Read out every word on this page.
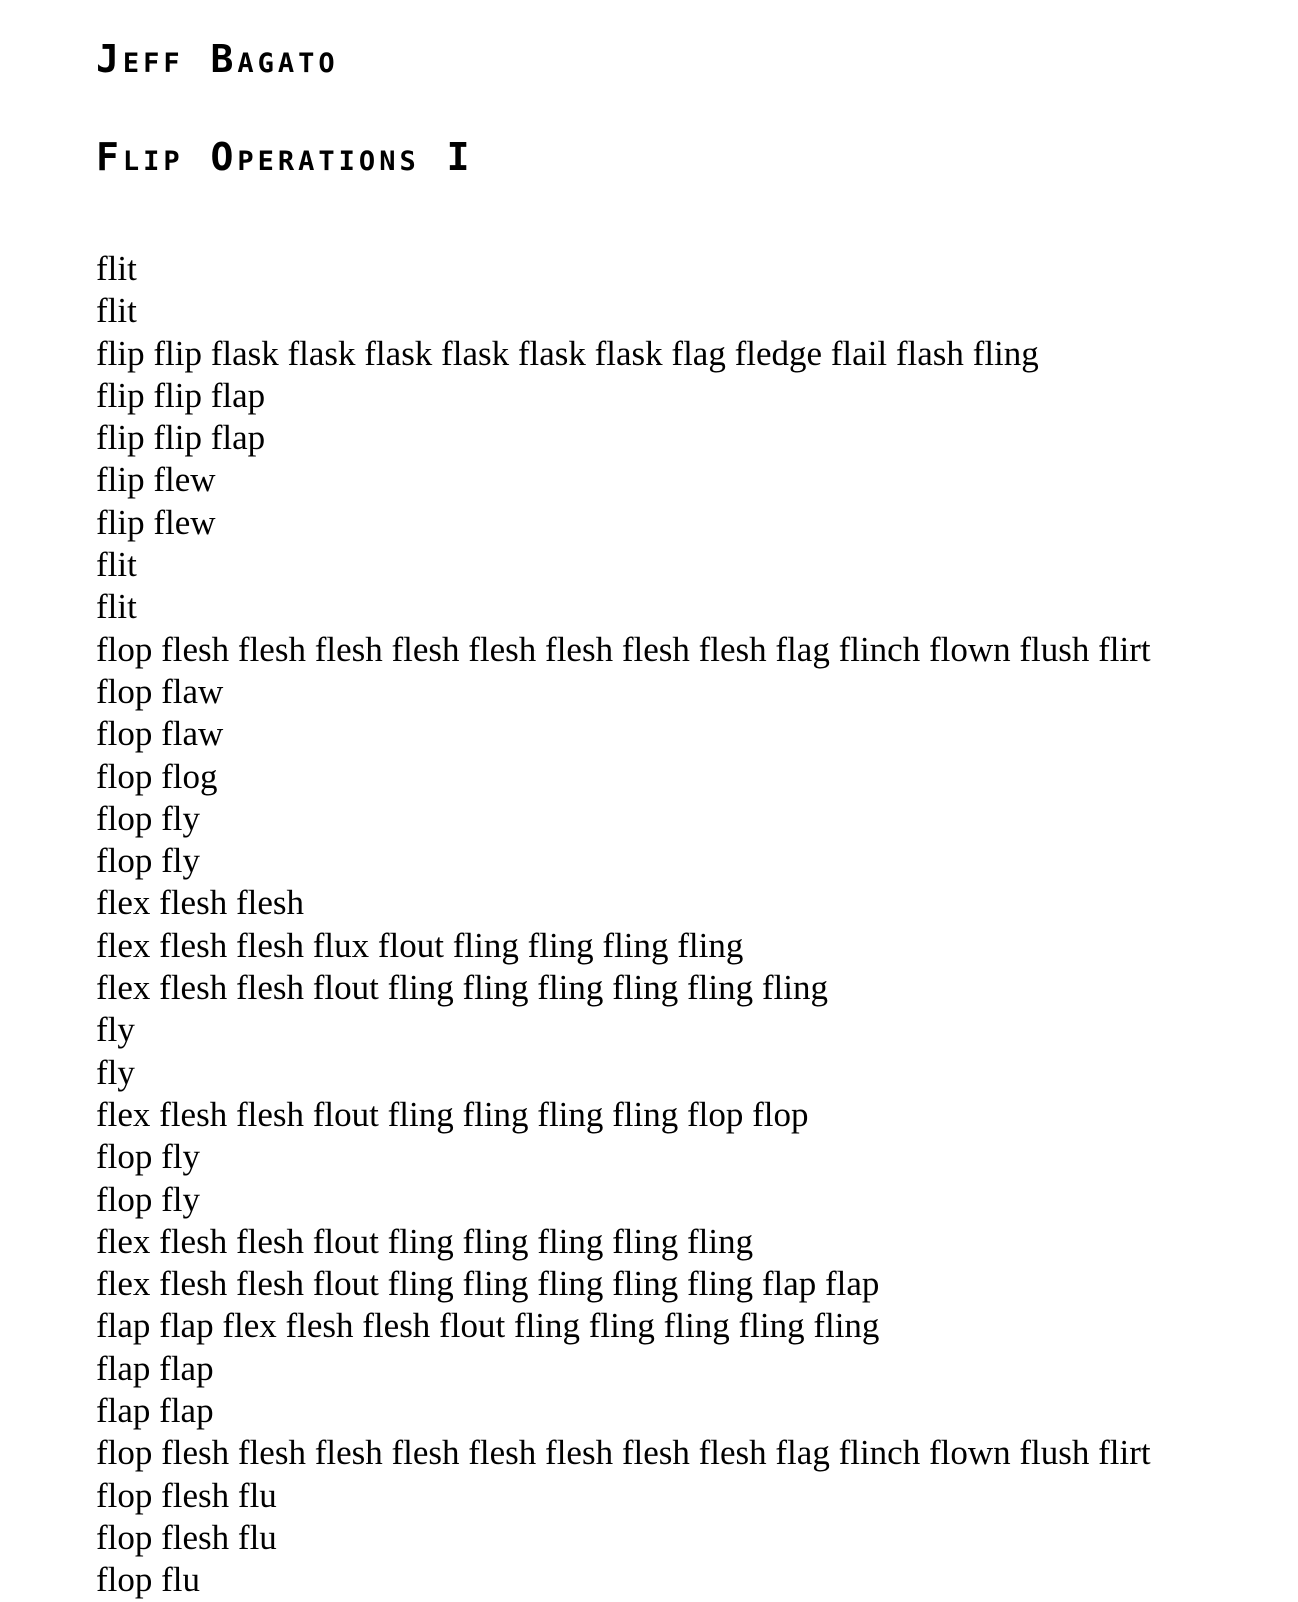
Jeff Bagato
Flip Operations I
flit
flit
flip flip flask flask flask flask flask flask flag fledge flail flash fling
flip flip flap
flip flip flap
flip flew
flip flew
flit
flit
flop flesh flesh flesh flesh flesh flesh flesh flesh flag flinch flown flush flirt
flop flaw
flop flaw
flop flog
flop fly
flop fly
flex flesh flesh
flex flesh flesh flux flout fling fling fling fling
flex flesh flesh flout fling fling fling fling fling fling
fly
fly
flex flesh flesh flout fling fling fling fling flop flop
flop fly
flop fly
flex flesh flesh flout fling fling fling fling fling
flex flesh flesh flout fling fling fling fling fling flap flap
flap flap flex flesh flesh flout fling fling fling fling fling
flap flap
flap flap
flop flesh flesh flesh flesh flesh flesh flesh flesh flag flinch flown flush flirt
flop flesh flu
flop flesh flu
flop flu
